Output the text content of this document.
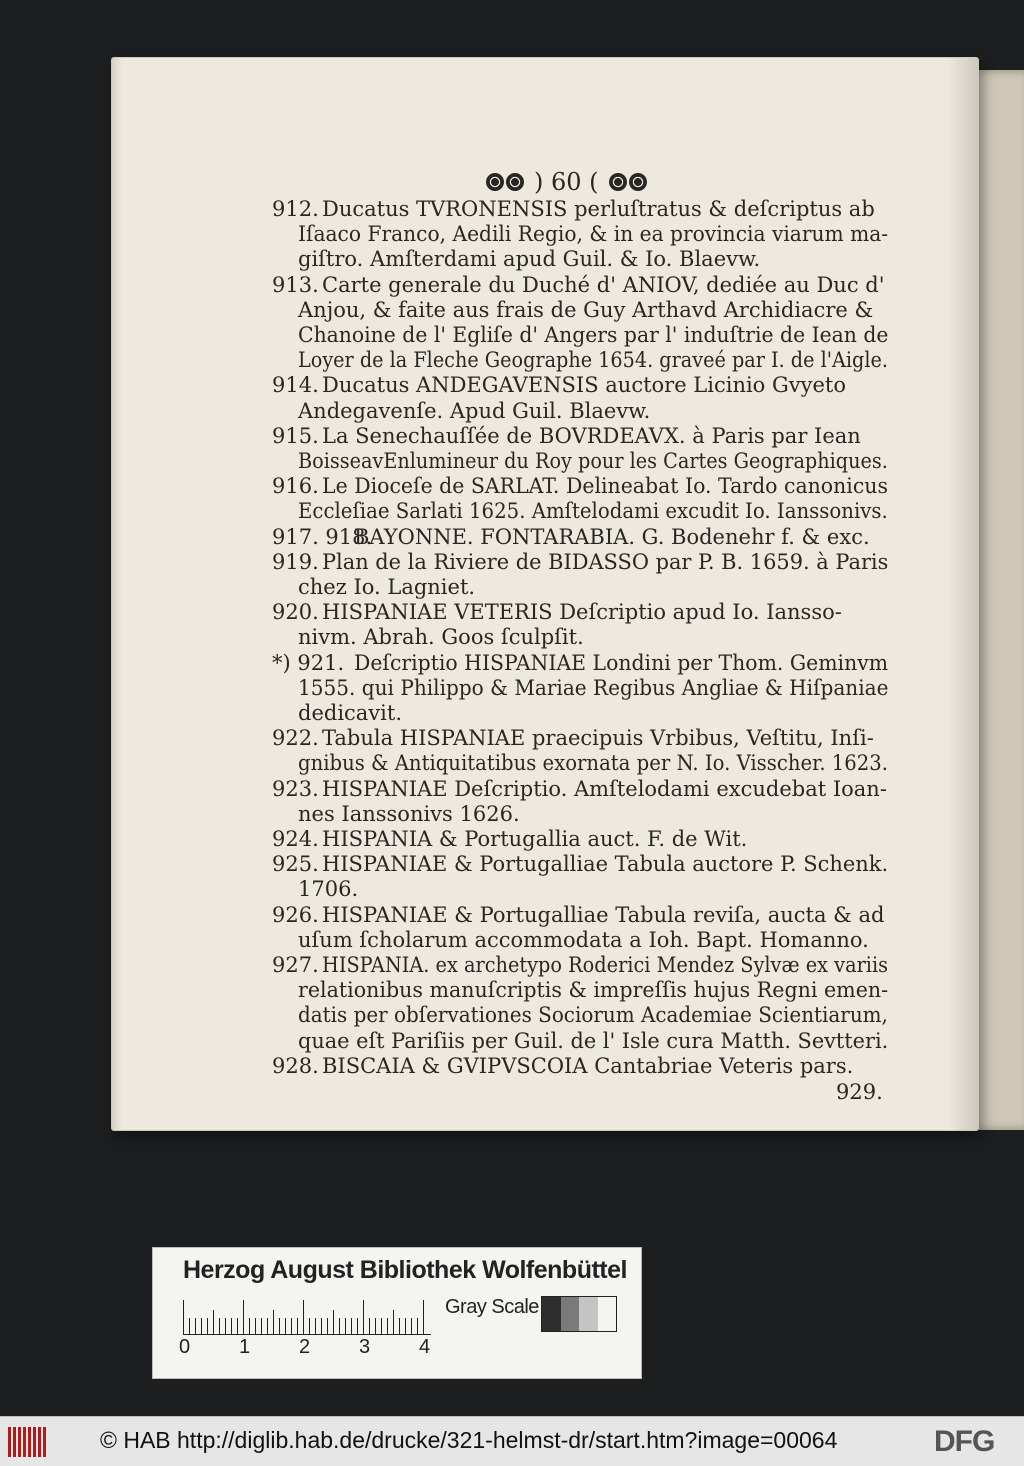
) 60 (
912. Ducatus TVRONENSIS perluſtratus & deſcriptus ab
Iſaaco Franco, Aedili Regio, & in ea provincia viarum ma-
giſtro. Amſterdami apud Guil. & Io. Blaevw.
913. Carte generale du Duché d' ANIOV, dediée au Duc d'
Anjou, & faite aus frais de Guy Arthavd Archidiacre &
Chanoine de l' Egliſe d' Angers par l' induſtrie de Iean de
Loyer de la Fleche Geographe 1654. graveé par I. de l'Aigle.
914. Ducatus ANDEGAVENSIS auctore Licinio Gvyeto
Andegavenſe. Apud Guil. Blaevw.
915. La Senechauſſée de BOVRDEAVX. à Paris par Iean
BoisseavEnlumineur du Roy pour les Cartes Geographiques.
916. Le Dioceſe de SARLAT. Delineabat Io. Tardo canonicus
Eccleſiae Sarlati 1625. Amſtelodami excudit Io. Ianssonivs.
917. 918.
BAYONNE. FONTARABIA. G. Bodenehr f. & exc.
919. Plan de la Riviere de BIDASSO par P. B. 1659. à Paris
chez Io. Lagniet.
920. HISPANIAE VETERIS Deſcriptio apud Io. Iansso-
nivm. Abrah. Goos ſculpſit.
*) 921. Deſcriptio HISPANIAE Londini per Thom. Geminvm
1555. qui Philippo & Mariae Regibus Angliae & Hiſpaniae
dedicavit.
922. Tabula HISPANIAE praecipuis Vrbibus, Veſtitu, Inſi-
gnibus & Antiquitatibus exornata per N. Io. Visscher. 1623.
923. HISPANIAE Deſcriptio. Amſtelodami excudebat Ioan-
nes Ianssonivs 1626.
924. HISPANIA & Portugallia auct. F. de Wit.
925. HISPANIAE & Portugalliae Tabula auctore P. Schenk.
1706.
926. HISPANIAE & Portugalliae Tabula reviſa, aucta & ad
uſum ſcholarum accommodata a Ioh. Bapt. Homanno.
927. HISPANIA. ex archetypo Roderici Mendez Sylvæ ex variis
relationibus manuſcriptis & impreſſis hujus Regni emen-
datis per obſervationes Sociorum Academiae Scientiarum,
quae eſt Pariſiis per Guil. de l' Isle cura Matth. Sevtteri.
928. BISCAIA & GVIPVSCOIA Cantabriae Veteris pars.
929.
Herzog August Bibliothek Wolfenbüttel
0 1 2 3 4
Gray Scale
© HAB http://diglib.hab.de/drucke/321-helmst-dr/start.htm?image=00064	DFG
